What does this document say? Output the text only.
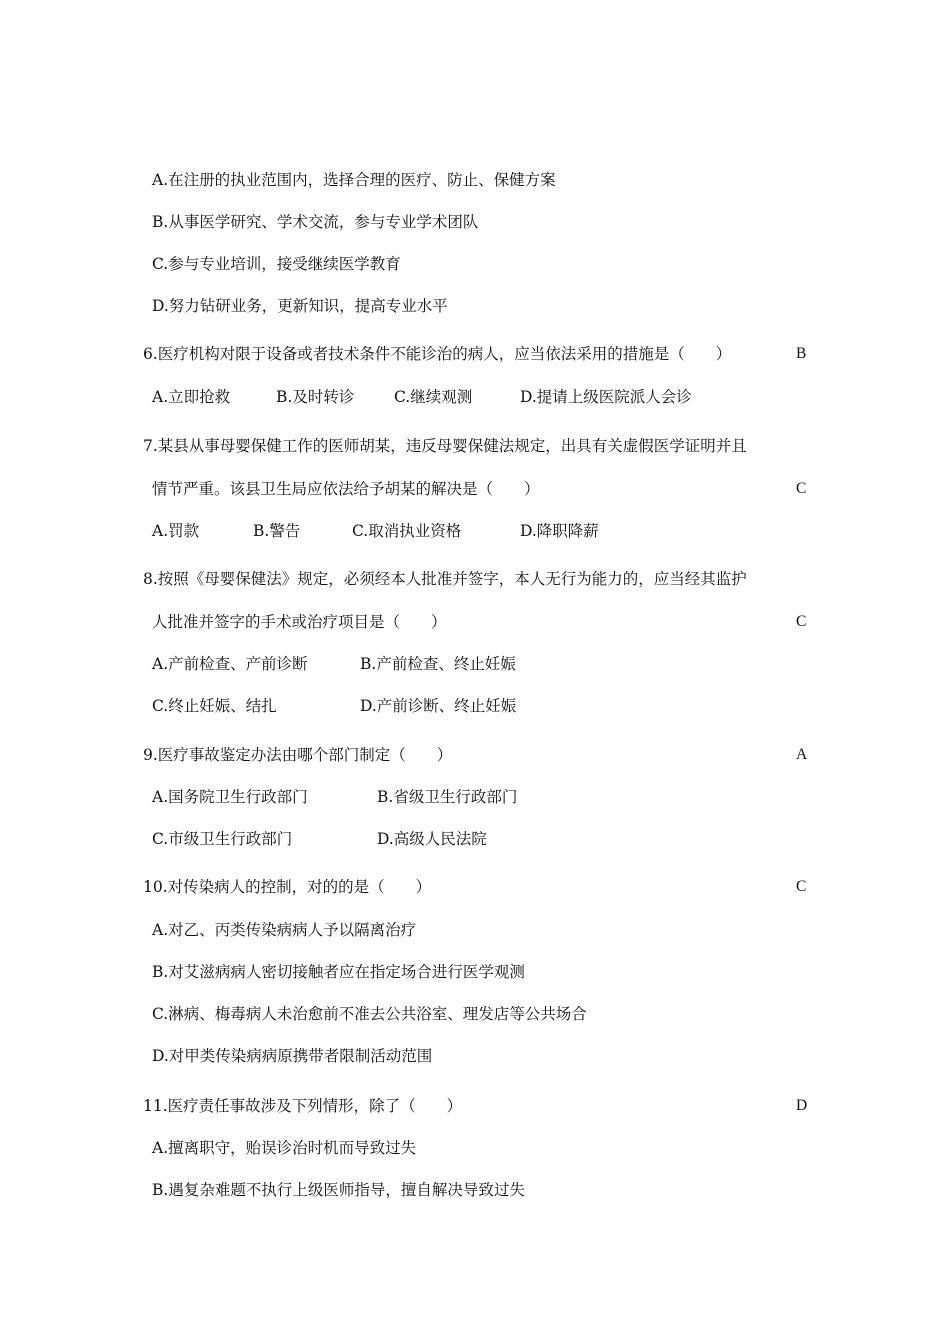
A.在注册的执业范围内，选择合理的医疗、防止、保健方案
B.从事医学研究、学术交流，参与专业学术团队
C.参与专业培训，接受继续医学教育
D.努力钻研业务，更新知识，提高专业水平
6.医疗机构对限于设备或者技术条件不能诊治的病人，应当依法采用的措施是（　　）	B
A.立即抢救	B.及时转诊	C.继续观测	D.提请上级医院派人会诊
7.某县从事母婴保健工作的医师胡某，违反母婴保健法规定，出具有关虚假医学证明并且
情节严重。该县卫生局应依法给予胡某的解决是（　　）	C
A.罚款	B.警告	C.取消执业资格	D.降职降薪
8.按照《母婴保健法》规定，必须经本人批准并签字，本人无行为能力的，应当经其监护
人批准并签字的手术或治疗项目是（　　）	C
A.产前检查、产前诊断	B.产前检查、终止妊娠
C.终止妊娠、结扎	D.产前诊断、终止妊娠
9.医疗事故鉴定办法由哪个部门制定（　　）	A
A.国务院卫生行政部门	B.省级卫生行政部门
C.市级卫生行政部门	D.高级人民法院
10.对传染病人的控制，对的的是（　　）	C
A.对乙、丙类传染病病人予以隔离治疗
B.对艾滋病病人密切接触者应在指定场合进行医学观测
C.淋病、梅毒病人未治愈前不准去公共浴室、理发店等公共场合
D.对甲类传染病病原携带者限制活动范围
11.医疗责任事故涉及下列情形，除了（　　）	D
A.擅离职守，贻误诊治时机而导致过失
B.遇复杂难题不执行上级医师指导，擅自解决导致过失
